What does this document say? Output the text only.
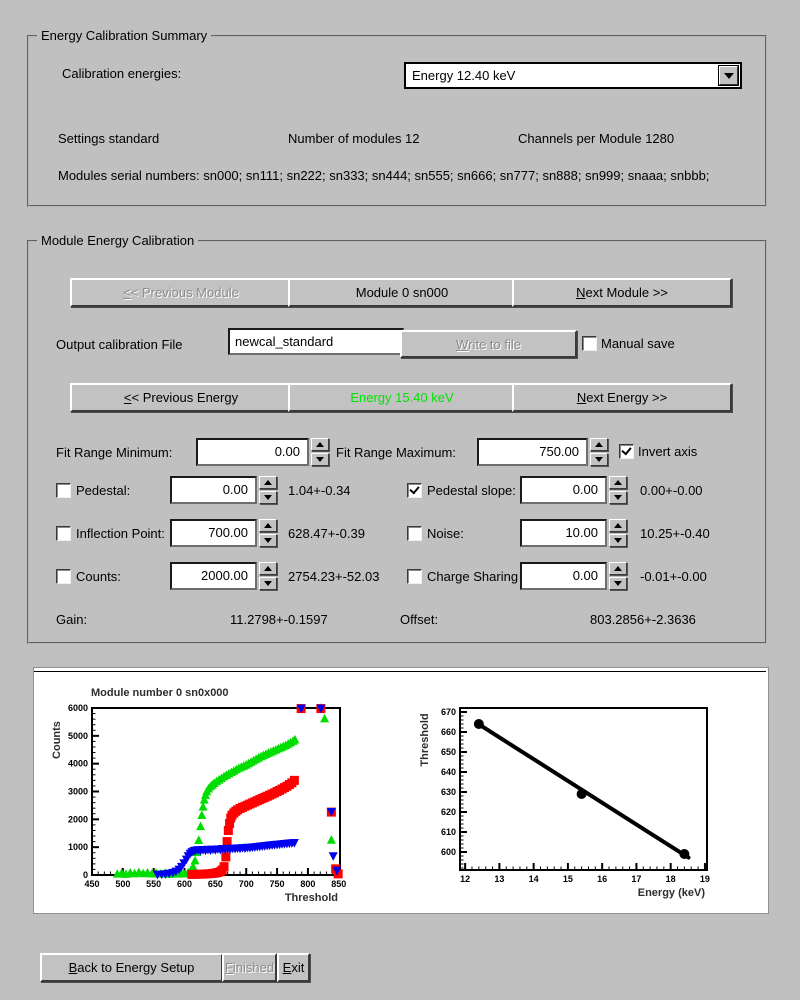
Energy Calibration Summary
Calibration energies:	Energy 12.40 keV
Settings standard	Number of modules 12	Channels per Module 1280
Modules serial numbers: sn000; sn111; sn222; sn333; sn444; sn555; sn666; sn777; sn888; sn999; snaaa; snbbb;
Module Energy Calibration
< < Previous Module	Module 0 sn000	N ext Module >>
Output calibration File	newcal_standard	W rite to file	Manual save
< < Previous Energy	Energy 15.40 keV	N ext Energy >>
Fit Range Minimum:	0.00	Fit Range Maximum:	750.00	Invert axis
Pedestal:	0.00	1.04+-0.34	Pedestal slope:	0.00	0.00+-0.00
Inflection Point:	700.00	628.47+-0.39	Noise:	10.00	10.25+-0.40
Counts:	2000.00	2754.23+-52.03	Charge Sharing	0.00	-0.01+-0.00
Gain:	11.2798+-0.1597	Offset:	803.2856+-2.3636
450 500 550 600 650 700 750 800 850
0
1000
2000
3000
4000
5000
6000
Module number 0 sn0x000
Threshold
Counts
12	13	14	15	16	17	18	19
600
610
620
630
640
650
660
670
Energy (keV)
Threshold
B ack to Energy Setup	F inished E xit
